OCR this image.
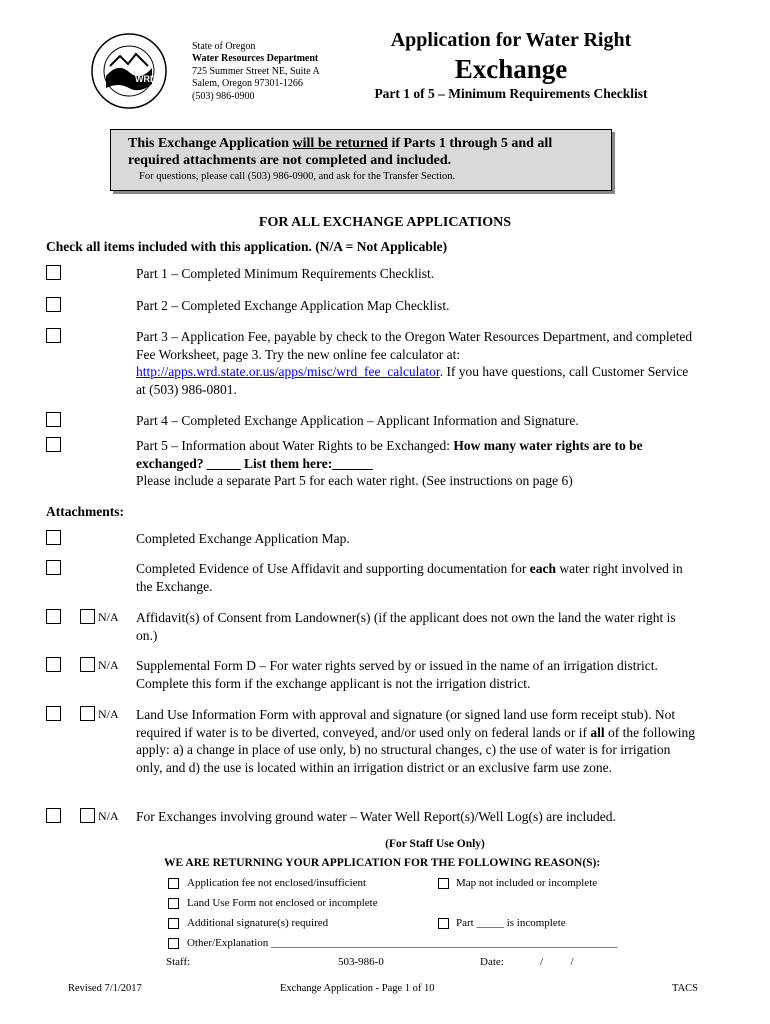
WRD
State of Oregon
Water Resources Department
725 Summer Street NE, Suite A
Salem, Oregon 97301-1266
(503) 986-0900
Application for Water Right
Exchange
Part 1 of 5 – Minimum Requirements Checklist
This Exchange Application will be returned if Parts 1 through 5 and all required attachments are not completed and included.
For questions, please call (503) 986-0900, and ask for the Transfer Section.
FOR ALL EXCHANGE APPLICATIONS
Check all items included with this application. (N/A = Not Applicable)
Part 1 – Completed Minimum Requirements Checklist.
Part 2 – Completed Exchange Application Map Checklist.
Part 3 – Application Fee, payable by check to the Oregon Water Resources Department, and completed Fee Worksheet, page 3. Try the new online fee calculator at: http://apps.wrd.state.or.us/apps/misc/wrd_fee_calculator. If you have questions, call Customer Service at (503) 986-0801.
Part 4 – Completed Exchange Application – Applicant Information and Signature.
Part 5 – Information about Water Rights to be Exchanged: How many water rights are to be exchanged? _____ List them here:______
Please include a separate Part 5 for each water right. (See instructions on page 6)
Attachments:
Completed Exchange Application Map.
Completed Evidence of Use Affidavit and supporting documentation for each water right involved in the Exchange.
N/A Affidavit(s) of Consent from Landowner(s) (if the applicant does not own the land the water right is on.)
N/A Supplemental Form D – For water rights served by or issued in the name of an irrigation district. Complete this form if the exchange applicant is not the irrigation district.
N/A Land Use Information Form with approval and signature (or signed land use form receipt stub). Not required if water is to be diverted, conveyed, and/or used only on federal lands or if all of the following apply: a) a change in place of use only, b) no structural changes, c) the use of water is for irrigation only, and d) the use is located within an irrigation district or an exclusive farm use zone.
N/A For Exchanges involving ground water – Water Well Report(s)/Well Log(s) are included.
(For Staff Use Only)
WE ARE RETURNING YOUR APPLICATION FOR THE FOLLOWING REASON(S):
Application fee not enclosed/insufficient	Map not included or incomplete
Land Use Form not enclosed or incomplete
Additional signature(s) required	Part _____ is incomplete
Other/Explanation _______________________________________________________________
Staff:	503-986-0	Date:	/          /
Revised 7/1/2017	Exchange Application - Page 1 of 10	TACS
